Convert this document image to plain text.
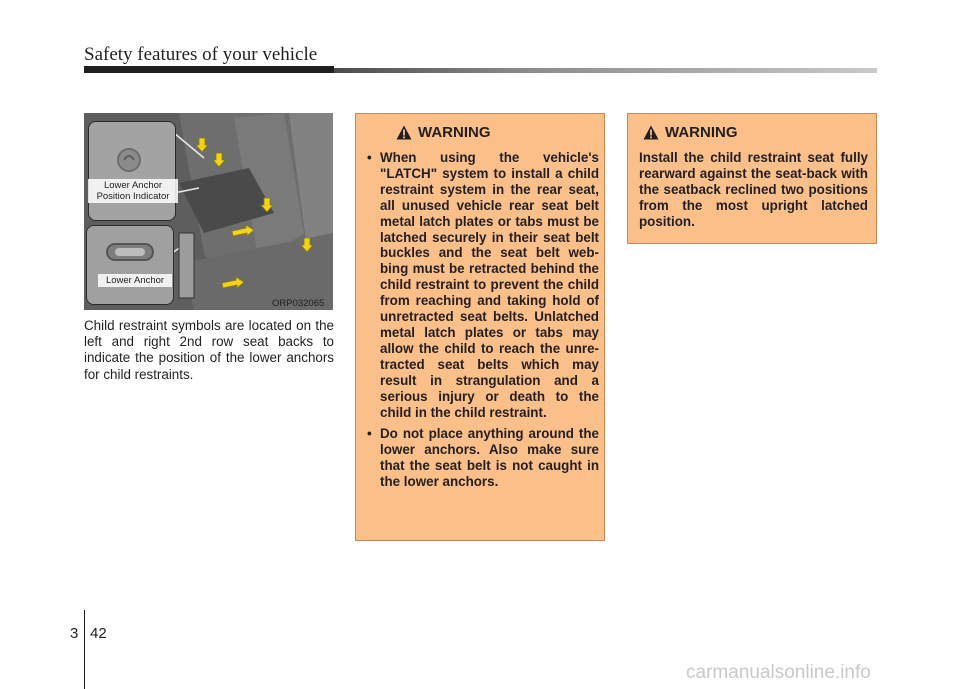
Safety features of your vehicle
Lower Anchor Position Indicator
Lower Anchor
ORP032065
Child restraint symbols are located on the left and right 2nd row seat backs to indicate the position of the lower anchors for child restraints.
WARNING
• When using the vehicle's "LATCH" system to install a child restraint system in the rear seat, all unused vehicle rear seat belt metal latch plates or tabs must be latched securely in their seat belt buckles and the seat belt web-bing must be retracted behind the child restraint to prevent the child from reaching and taking hold of unretracted seat belts. Unlatched metal latch plates or tabs may allow the child to reach the unre-tracted seat belts which may result in strangulation and a serious injury or death to the child in the child restraint.
• Do not place anything around the lower anchors. Also make sure that the seat belt is not caught in the lower anchors.
WARNING
Install the child restraint seat fully rearward against the seat-back with the seatback reclined two positions from the most upright latched position.
3 42
carmanualsonline.info
